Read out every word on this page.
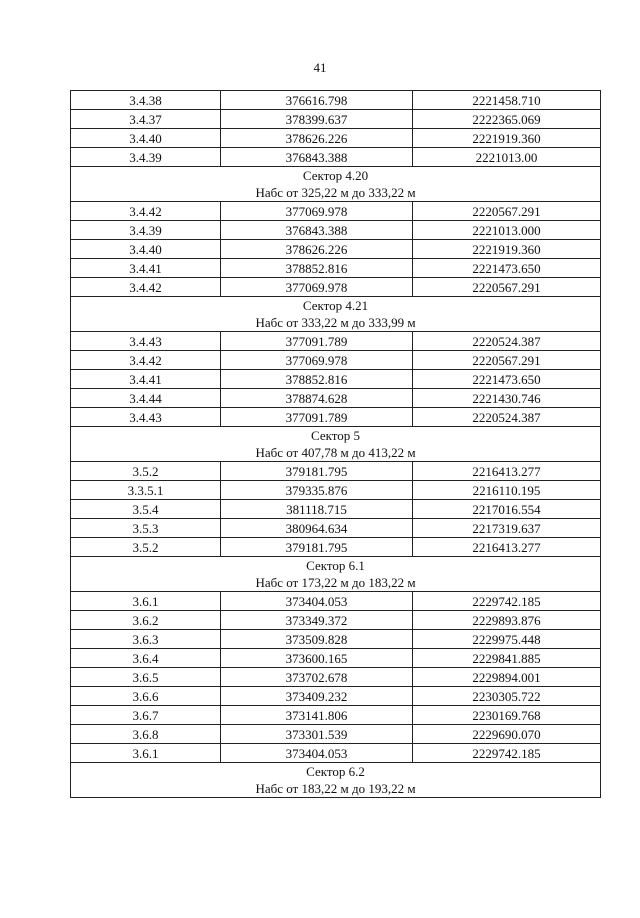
41
3.4.38	376616.798	2221458.710
3.4.37	378399.637	2222365.069
3.4.40	378626.226	2221919.360
3.4.39	376843.388	2221013.00
Сектор 4.20		
Набс от 325,22 м до 333,22 м		
3.4.42	377069.978	2220567.291
3.4.39	376843.388	2221013.000
3.4.40	378626.226	2221919.360
3.4.41	378852.816	2221473.650
3.4.42	377069.978	2220567.291
Сектор 4.21		
Набс от 333,22 м до 333,99 м		
3.4.43	377091.789	2220524.387
3.4.42	377069.978	2220567.291
3.4.41	378852.816	2221473.650
3.4.44	378874.628	2221430.746
3.4.43	377091.789	2220524.387
Сектор 5		
Набс от 407,78 м до 413,22 м		
3.5.2	379181.795	2216413.277
3.3.5.1	379335.876	2216110.195
3.5.4	381118.715	2217016.554
3.5.3	380964.634	2217319.637
3.5.2	379181.795	2216413.277
Сектор 6.1		
Набс от 173,22 м до 183,22 м		
3.6.1	373404.053	2229742.185
3.6.2	373349.372	2229893.876
3.6.3	373509.828	2229975.448
3.6.4	373600.165	2229841.885
3.6.5	373702.678	2229894.001
3.6.6	373409.232	2230305.722
3.6.7	373141.806	2230169.768
3.6.8	373301.539	2229690.070
3.6.1	373404.053	2229742.185
Сектор 6.2		
Набс от 183,22 м до 193,22 м		
